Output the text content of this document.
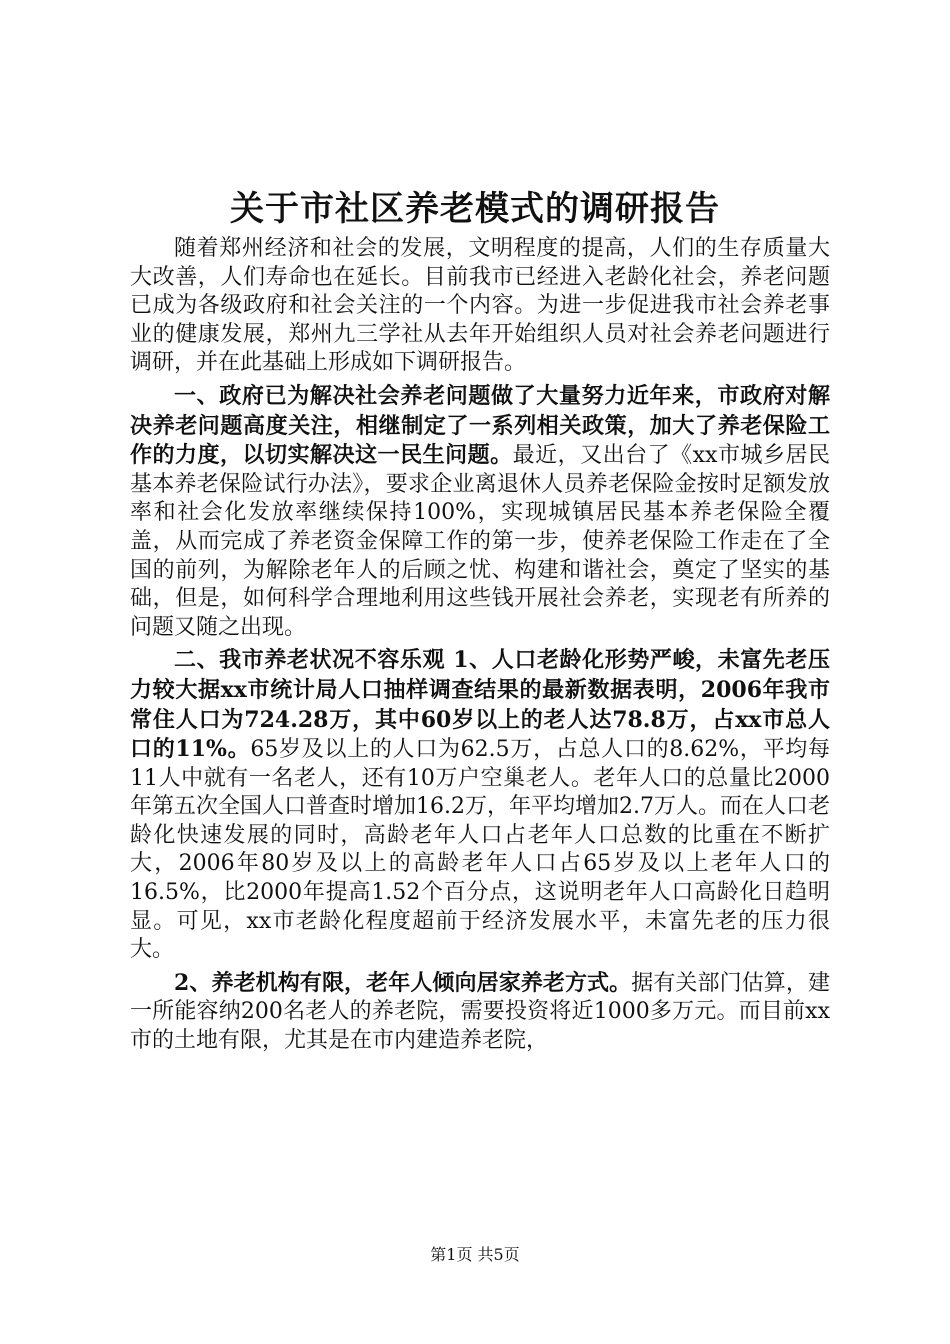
关于市社区养老模式的调研报告

随着郑州经济和社会的发展，文明程度的提高，人们的生存质量大大改善，人们寿命也在延长。目前我市已经进入老龄化社会，养老问题已成为各级政府和社会关注的一个内容。为进一步促进我市社会养老事业的健康发展，郑州九三学社从去年开始组织人员对社会养老问题进行调研，并在此基础上形成如下调研报告。

一、政府已为解决社会养老问题做了大量努力近年来，市政府对解决养老问题高度关注，相继制定了一系列相关政策，加大了养老保险工作的力度，以切实解决这一民生问题。最近，又出台了《xx市城乡居民基本养老保险试行办法》，要求企业离退休人员养老保险金按时足额发放率和社会化发放率继续保持100%，实现城镇居民基本养老保险全覆盖，从而完成了养老资金保障工作的第一步，使养老保险工作走在了全国的前列，为解除老年人的后顾之忧、构建和谐社会，奠定了坚实的基础，但是，如何科学合理地利用这些钱开展社会养老，实现老有所养的问题又随之出现。

二、我市养老状况不容乐观 1、人口老龄化形势严峻，未富先老压力较大据xx市统计局人口抽样调查结果的最新数据表明，2006年我市常住人口为724.28万，其中60岁以上的老人达78.8万，占xx市总人口的11%。65岁及以上的人口为62.5万，占总人口的8.62%，平均每11人中就有一名老人，还有10万户空巢老人。老年人口的总量比2000年第五次全国人口普查时增加16.2万，年平均增加2.7万人。而在人口老龄化快速发展的同时，高龄老年人口占老年人口总数的比重在不断扩大，2006年80岁及以上的高龄老年人口占65岁及以上老年人口的16.5%，比2000年提高1.52个百分点，这说明老年人口高龄化日趋明显。可见，xx市老龄化程度超前于经济发展水平，未富先老的压力很大。

2、养老机构有限，老年人倾向居家养老方式。据有关部门估算，建一所能容纳200名老人的养老院，需要投资将近1000多万元。而目前xx市的土地有限，尤其是在市内建造养老院，

第1页 共5页
